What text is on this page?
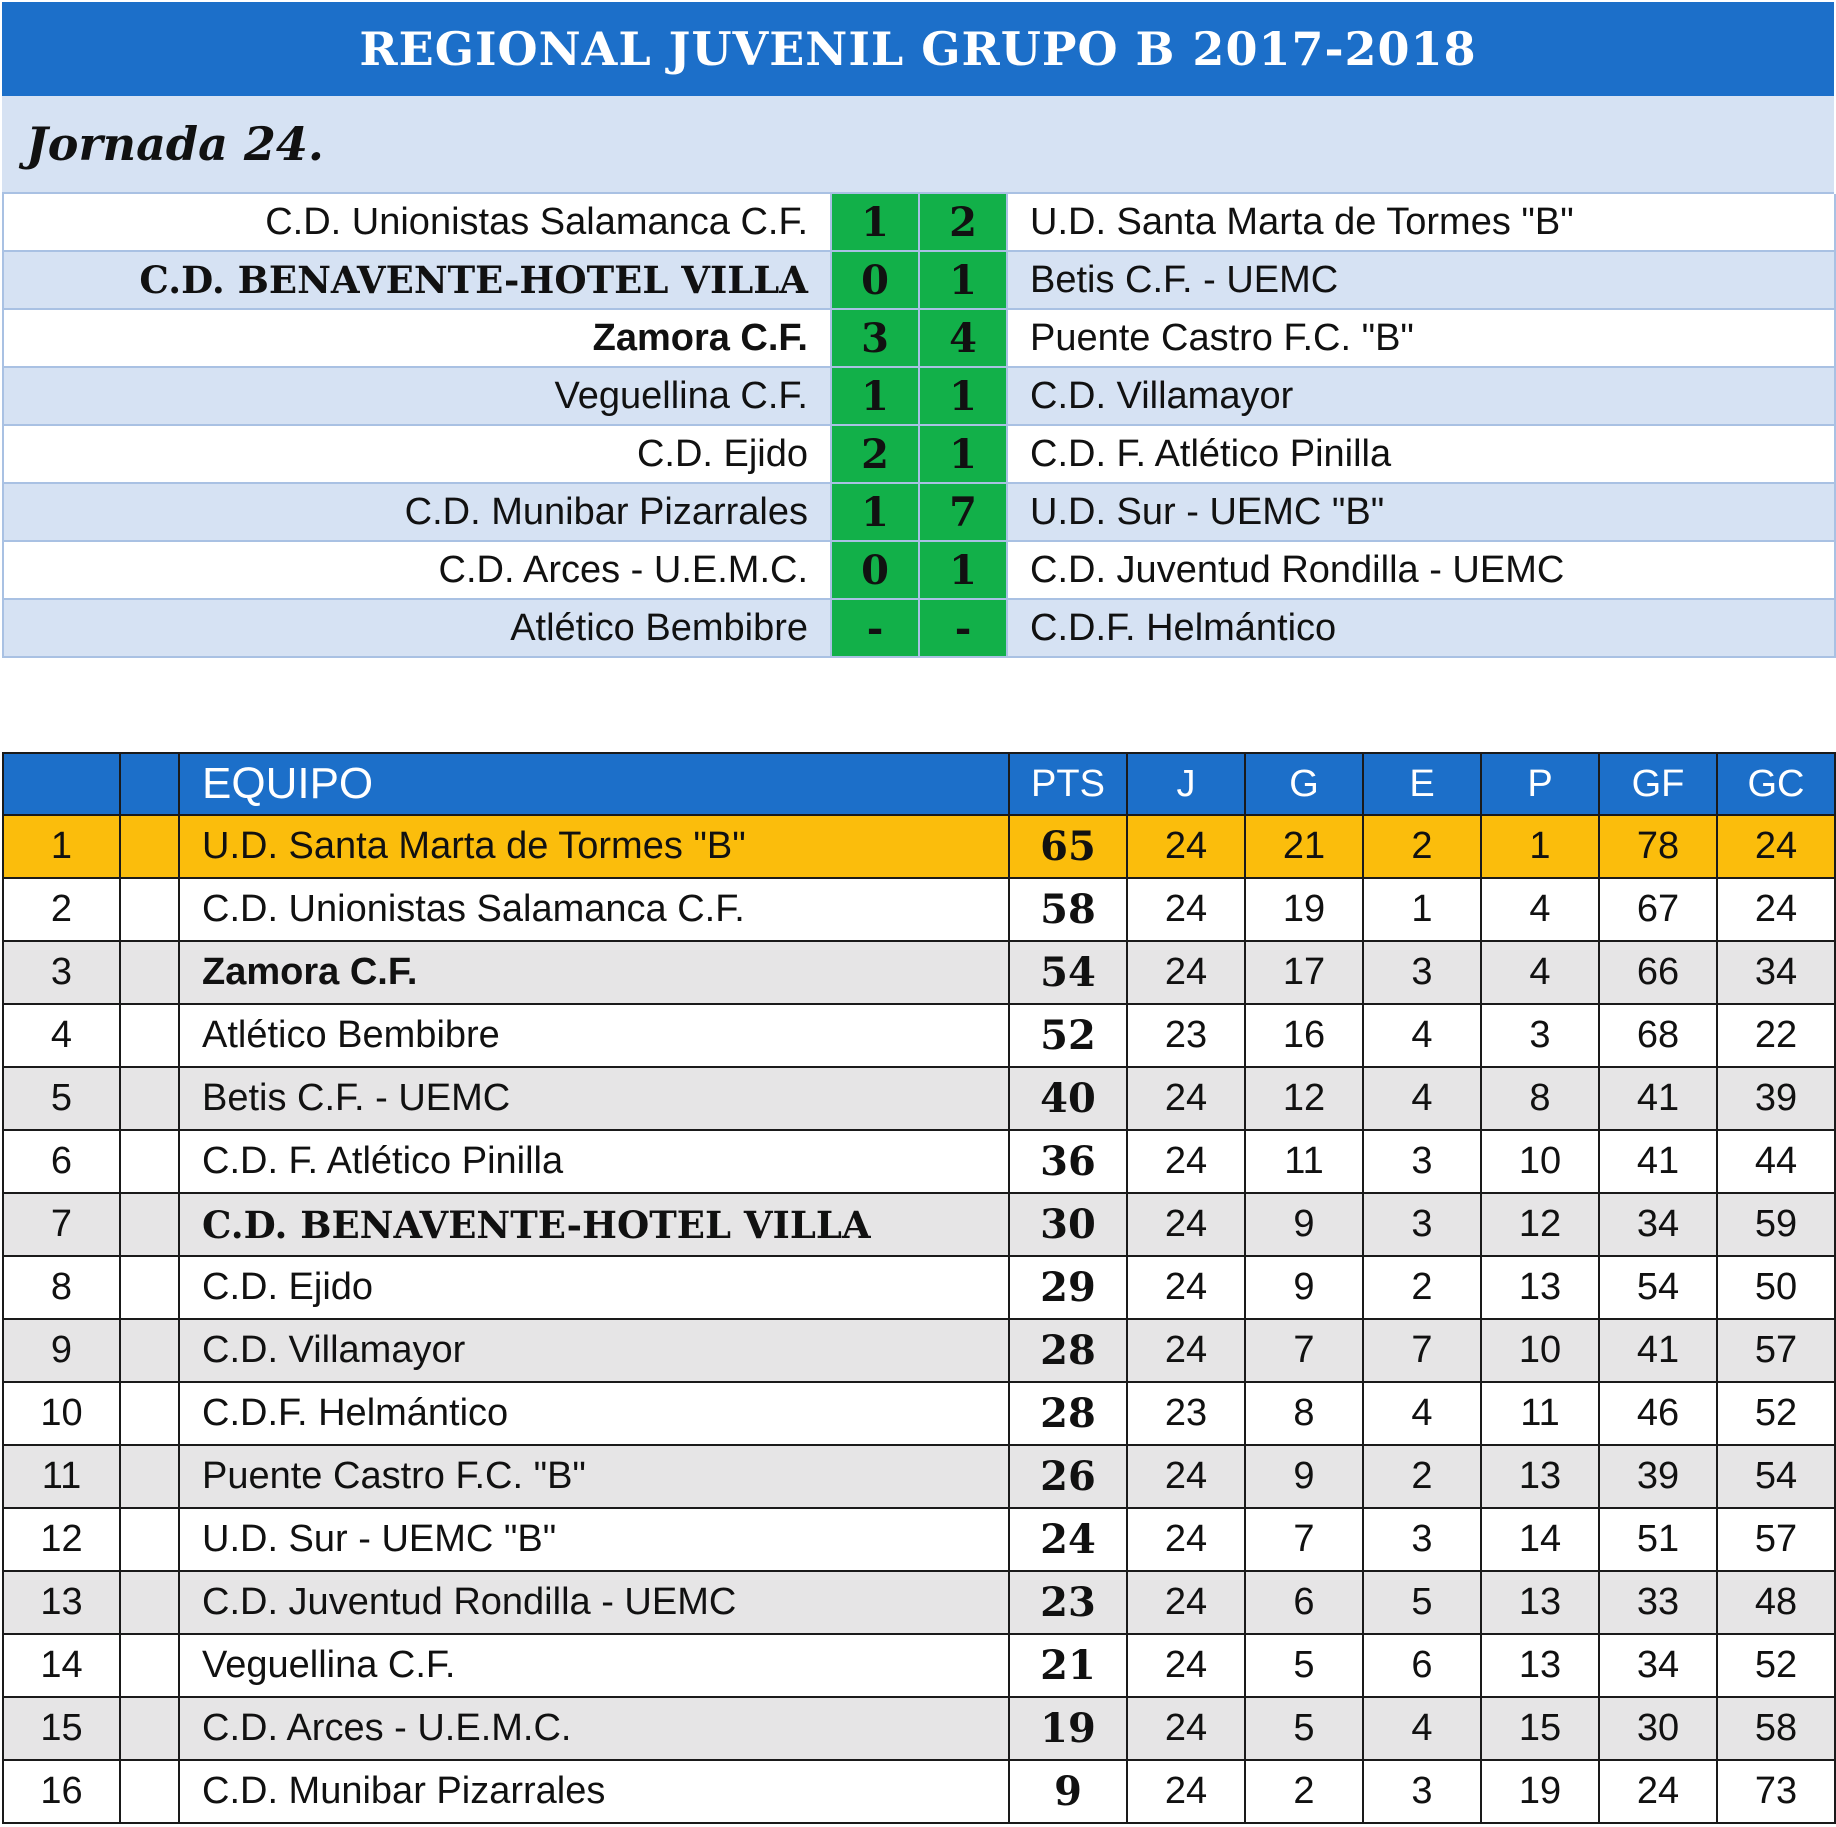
REGIONAL JUVENIL GRUPO B 2017-2018
Jornada 24.
C.D. Unionistas Salamanca C.F.	1	2	U.D. Santa Marta de Tormes "B"
C.D. BENAVENTE-HOTEL VILLA	0	1	Betis C.F. - UEMC
Zamora C.F.	3	4	Puente Castro F.C. "B"
Veguellina C.F.	1	1	C.D. Villamayor
C.D. Ejido	2	1	C.D. F. Atlético Pinilla
C.D. Munibar Pizarrales	1	7	U.D. Sur - UEMC "B"
C.D. Arces - U.E.M.C.	0	1	C.D. Juventud Rondilla - UEMC
Atlético Bembibre	-	-	C.D.F. Helmántico
		EQUIPO	PTS	J	G	E	P	GF	GC
1		U.D. Santa Marta de Tormes "B"	65	24	21	2	1	78	24
2		C.D. Unionistas Salamanca C.F.	58	24	19	1	4	67	24
3		Zamora C.F.	54	24	17	3	4	66	34
4		Atlético Bembibre	52	23	16	4	3	68	22
5		Betis C.F. - UEMC	40	24	12	4	8	41	39
6		C.D. F. Atlético Pinilla	36	24	11	3	10	41	44
7		C.D. BENAVENTE-HOTEL VILLA	30	24	9	3	12	34	59
8		C.D. Ejido	29	24	9	2	13	54	50
9		C.D. Villamayor	28	24	7	7	10	41	57
10		C.D.F. Helmántico	28	23	8	4	11	46	52
11		Puente Castro F.C. "B"	26	24	9	2	13	39	54
12		U.D. Sur - UEMC "B"	24	24	7	3	14	51	57
13		C.D. Juventud Rondilla - UEMC	23	24	6	5	13	33	48
14		Veguellina C.F.	21	24	5	6	13	34	52
15		C.D. Arces - U.E.M.C.	19	24	5	4	15	30	58
16		C.D. Munibar Pizarrales	9	24	2	3	19	24	73
